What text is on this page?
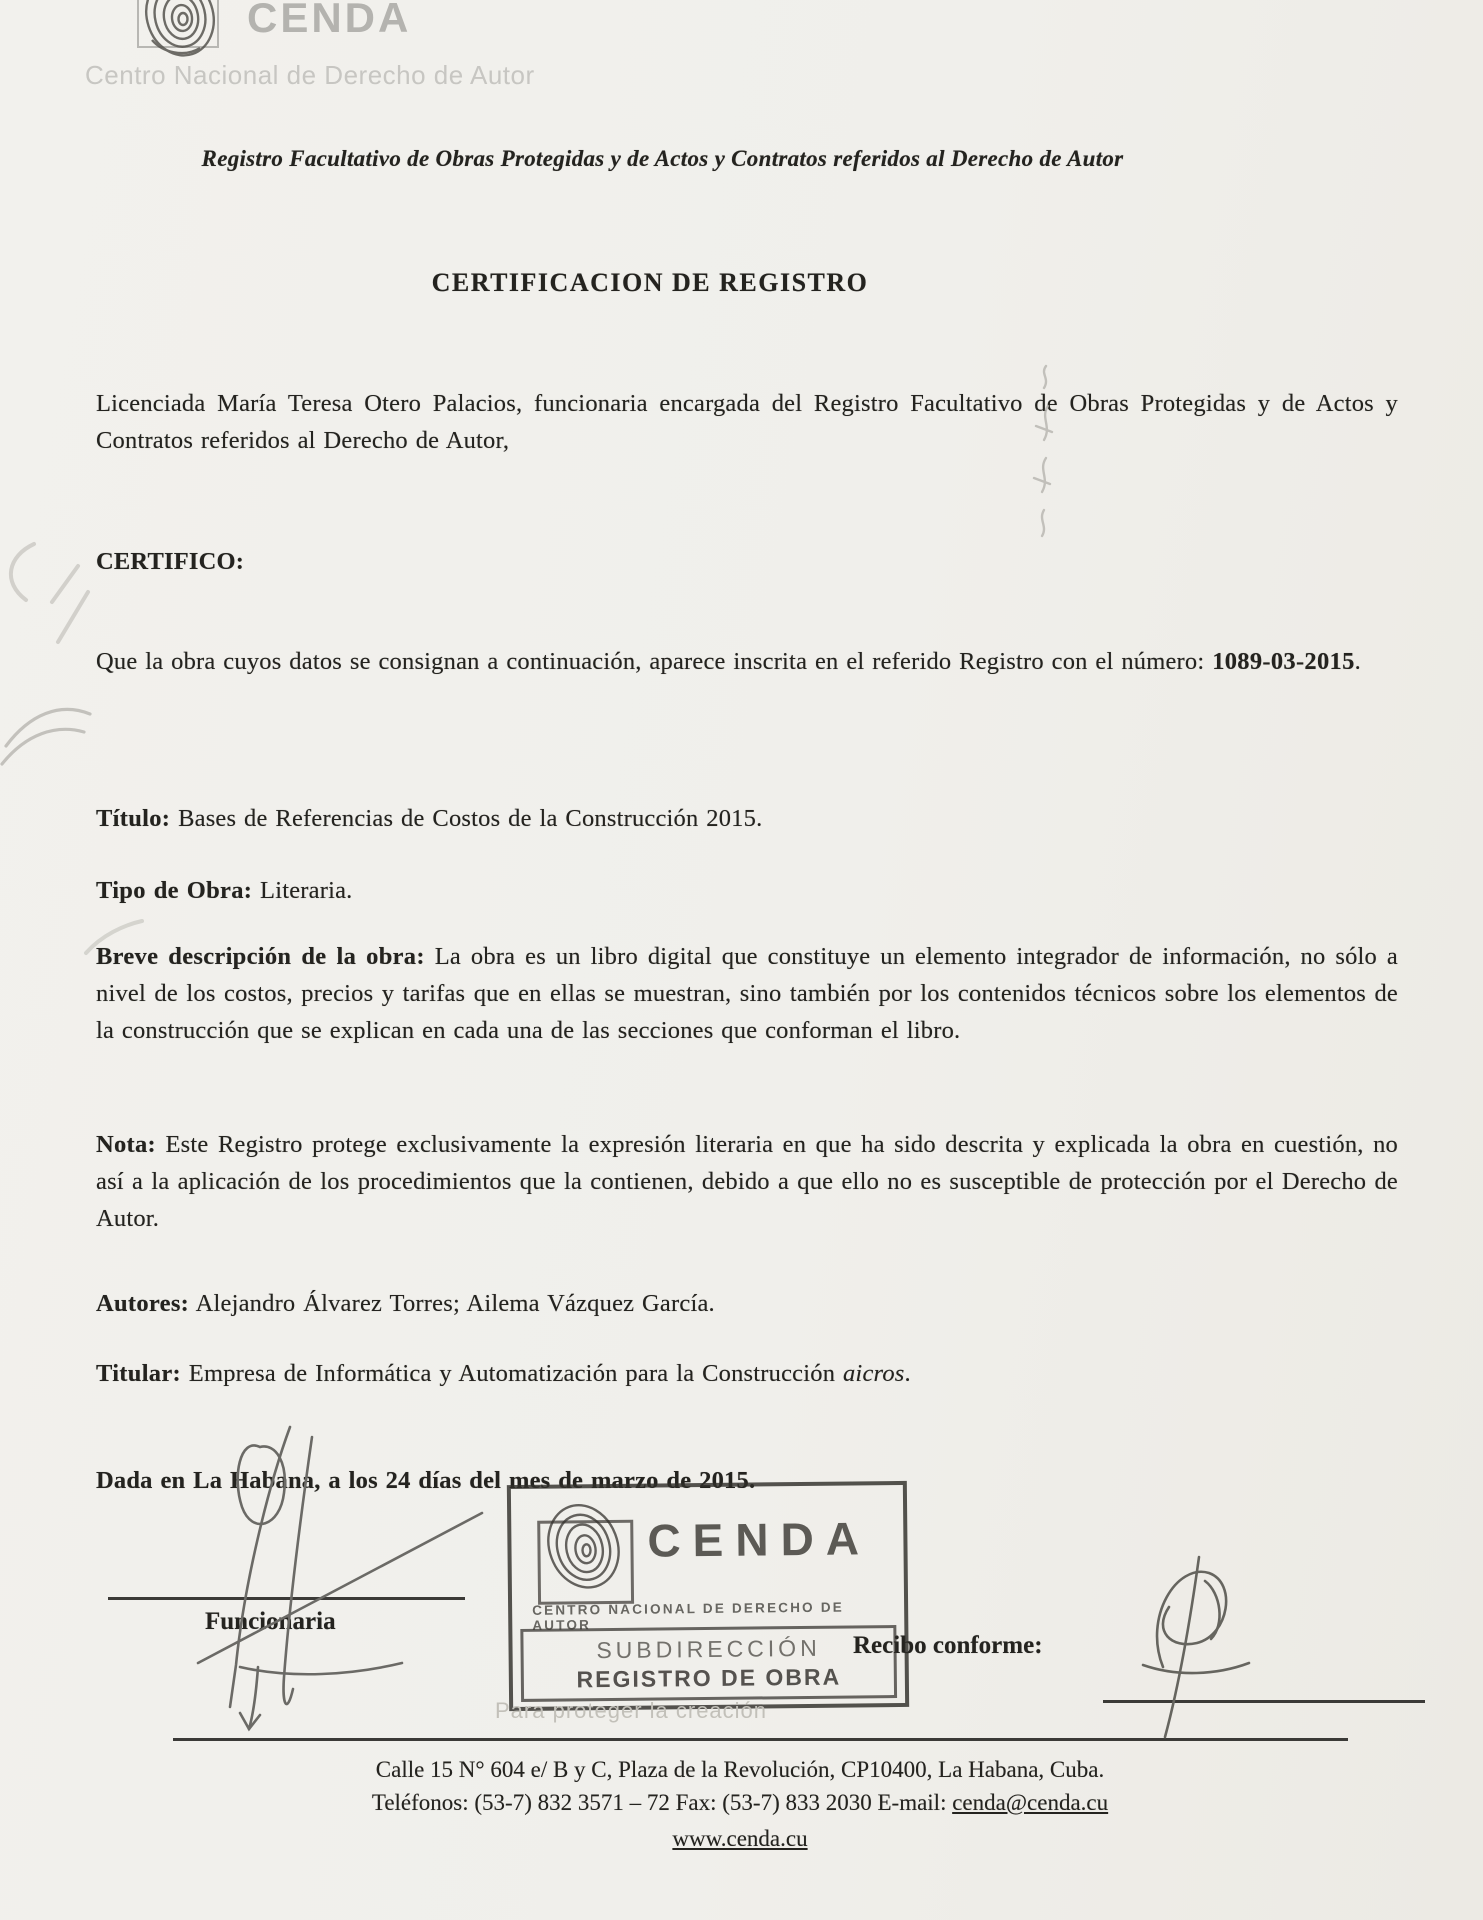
CENDA

Centro Nacional de Derecho de Autor

Registro Facultativo de Obras Protegidas y de Actos y Contratos referidos al Derecho de Autor

CERTIFICACION DE REGISTRO

Licenciada María Teresa Otero Palacios, funcionaria encargada del Registro Facultativo de Obras Protegidas y de Actos y Contratos referidos al Derecho de Autor,

CERTIFICO:

Que la obra cuyos datos se consignan a continuación, aparece inscrita en el referido Registro con el número: 1089-03-2015.

Título: Bases de Referencias de Costos de la Construcción 2015.

Tipo de Obra: Literaria.

Breve descripción de la obra: La obra es un libro digital que constituye un elemento integrador de información, no sólo a nivel de los costos, precios y tarifas que en ellas se muestran, sino también por los contenidos técnicos sobre los elementos de la construcción que se explican en cada una de las secciones que conforman el libro.

Nota: Este Registro protege exclusivamente la expresión literaria en que ha sido descrita y explicada la obra en cuestión, no así a la aplicación de los procedimientos que la contienen, debido a que ello no es susceptible de protección por el Derecho de Autor.

Autores: Alejandro Álvarez Torres; Ailema Vázquez García.

Titular: Empresa de Informática y Automatización para la Construcción aicros.

Dada en La Habana, a los 24 días del mes de marzo de 2015.

Funcionaria

Recibo conforme:

CENDA

CENTRO NACIONAL DE DERECHO DE AUTOR

SUBDIRECCIÓN

REGISTRO DE OBRA

Para proteger la creación

Calle 15 N° 604 e/ B y C, Plaza de la Revolución, CP10400, La Habana, Cuba.

Teléfonos: (53-7) 832 3571 – 72 Fax: (53-7) 833 2030 E-mail: cenda@cenda.cu

www.cenda.cu
